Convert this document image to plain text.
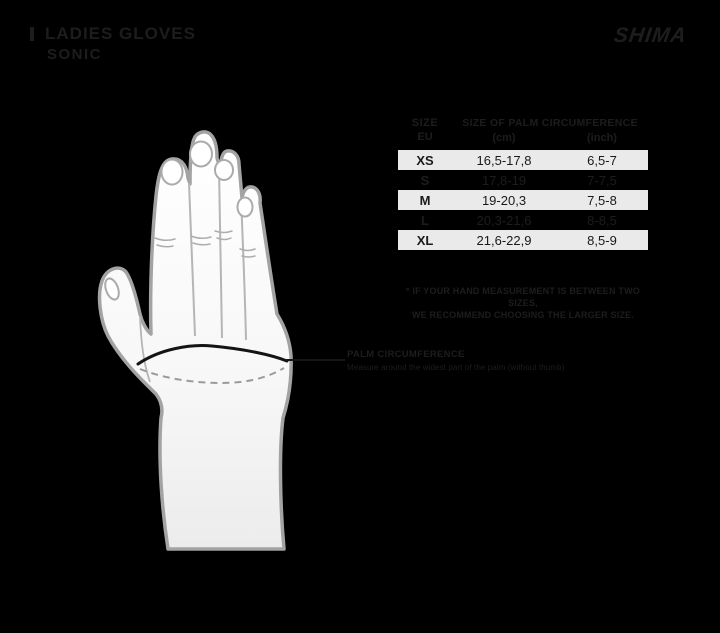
LADIES GLOVES
SONIC
SHIMA
PALM CIRCUMFERENCE
Measure around the widest part of the palm (without thumb)
SIZE
EU
SIZE OF PALM CIRCUMFERENCE
(cm)	(inch)
XS	16,5-17,8	6,5-7
S	17,8-19	7-7,5
M	19-20,3	7,5-8
L	20,3-21,6	8-8,5
XL	21,6-22,9	8,5-9
* IF YOUR HAND MEASUREMENT IS BETWEEN TWO SIZES,
WE RECOMMEND CHOOSING THE LARGER SIZE.
